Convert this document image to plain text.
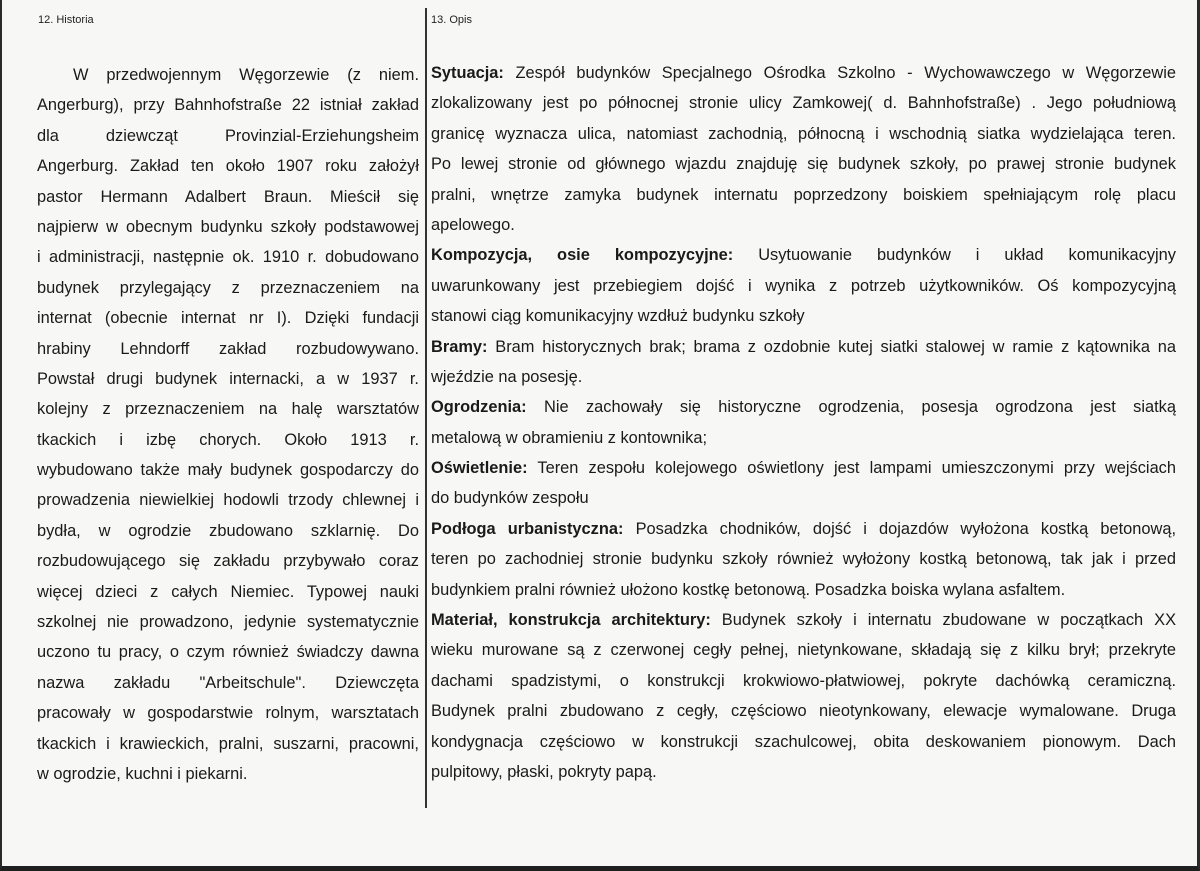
12. Historia	13. Opis
W przedwojennym Węgorzewie (z niem.
Angerburg), przy Bahnhofstraße 22 istniał zakład
dla dziewcząt Provinzial-Erziehungsheim
Angerburg. Zakład ten około 1907 roku założył
pastor Hermann Adalbert Braun. Mieścił się
najpierw w obecnym budynku szkoły podstawowej
i administracji, następnie ok. 1910 r. dobudowano
budynek przylegający z przeznaczeniem na
internat (obecnie internat nr I). Dzięki fundacji
hrabiny Lehndorff zakład rozbudowywano.
Powstał drugi budynek internacki, a w 1937 r.
kolejny z przeznaczeniem na halę warsztatów
tkackich i izbę chorych. Około 1913 r.
wybudowano także mały budynek gospodarczy do
prowadzenia niewielkiej hodowli trzody chlewnej i
bydła, w ogrodzie zbudowano szklarnię. Do
rozbudowującego się zakładu przybywało coraz
więcej dzieci z całych Niemiec. Typowej nauki
szkolnej nie prowadzono, jedynie systematycznie
uczono tu pracy, o czym również świadczy dawna
nazwa zakładu "Arbeitschule". Dziewczęta
pracowały w gospodarstwie rolnym, warsztatach
tkackich i krawieckich, pralni, suszarni, pracowni,
w ogrodzie, kuchni i piekarni.
Sytuacja: Zespół budynków Specjalnego Ośrodka Szkolno - Wychowawczego w Węgorzewie
zlokalizowany jest po północnej stronie ulicy Zamkowej( d. Bahnhofstraße) . Jego południową
granicę wyznacza ulica, natomiast zachodnią, północną i wschodnią siatka wydzielająca teren.
Po lewej stronie od głównego wjazdu znajduję się budynek szkoły, po prawej stronie budynek
pralni, wnętrze zamyka budynek internatu poprzedzony boiskiem spełniającym rolę placu
apelowego.
Kompozycja, osie kompozycyjne: Usytuowanie budynków i układ komunikacyjny
uwarunkowany jest przebiegiem dojść i wynika z potrzeb użytkowników. Oś kompozycyjną
stanowi ciąg komunikacyjny wzdłuż budynku szkoły
Bramy: Bram historycznych brak; brama z ozdobnie kutej siatki stalowej w ramie z kątownika na
wjeździe na posesję.
Ogrodzenia: Nie zachowały się historyczne ogrodzenia, posesja ogrodzona jest siatką
metalową w obramieniu z kontownika;
Oświetlenie: Teren zespołu kolejowego oświetlony jest lampami umieszczonymi przy wejściach
do budynków zespołu
Podłoga urbanistyczna: Posadzka chodników, dojść i dojazdów wyłożona kostką betonową,
teren po zachodniej stronie budynku szkoły również wyłożony kostką betonową, tak jak i przed
budynkiem pralni również ułożono kostkę betonową. Posadzka boiska wylana asfaltem.
Materiał, konstrukcja architektury: Budynek szkoły i internatu zbudowane w początkach XX
wieku murowane są z czerwonej cegły pełnej, nietynkowane, składają się z kilku brył; przekryte
dachami spadzistymi, o konstrukcji krokwiowo-płatwiowej, pokryte dachówką ceramiczną.
Budynek pralni zbudowano z cegły, częściowo nieotynkowany, elewacje wymalowane. Druga
kondygnacja częściowo w konstrukcji szachulcowej, obita deskowaniem pionowym. Dach
pulpitowy, płaski, pokryty papą.
